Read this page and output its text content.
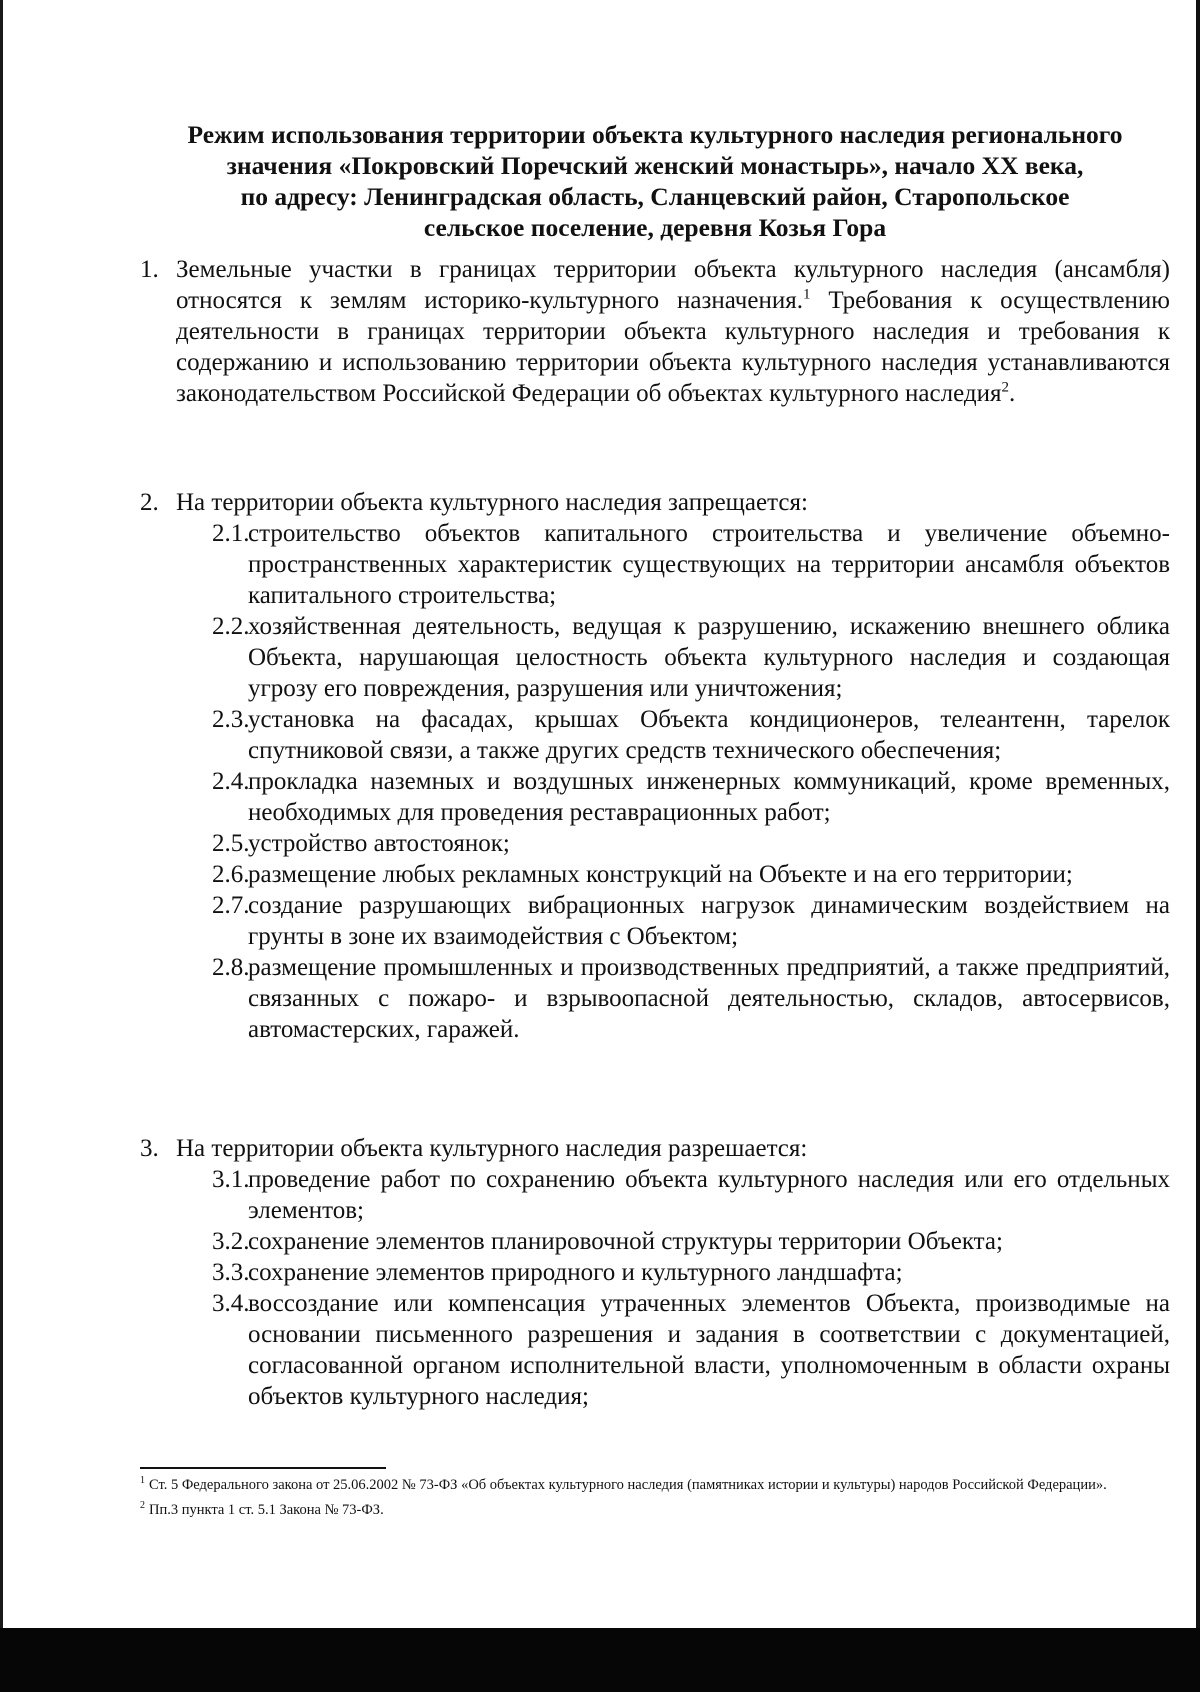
Режим использования территории объекта культурного наследия регионального
значения «Покровский Поречский женский монастырь», начало XX века,
по адресу: Ленинградская область, Сланцевский район, Старопольское
сельское поселение, деревня Козья Гора
1. Земельные участки в границах территории объекта культурного наследия (ансамбля) относятся к землям историко-культурного назначения.$^1$ Требования к осуществлению деятельности в границах территории объекта культурного наследия и требования к содержанию и использованию территории объекта культурного наследия устанавливаются законодательством Российской Федерации об объектах культурного наследия$^2$.
2. На территории объекта культурного наследия запрещается:
2.1.
строительство объектов капитального строительства и увеличение объемно-пространственных характеристик существующих на территории ансамбля объектов капитального строительства;
2.2.
хозяйственная деятельность, ведущая к разрушению, искажению внешнего облика Объекта, нарушающая целостность объекта культурного наследия и создающая угрозу его повреждения, разрушения или уничтожения;
2.3.
установка на фасадах, крышах Объекта кондиционеров, телеантенн, тарелок спутниковой связи, а также других средств технического обеспечения;
2.4.
прокладка наземных и воздушных инженерных коммуникаций, кроме временных, необходимых для проведения реставрационных работ;
2.5.
устройство автостоянок;
2.6.
размещение любых рекламных конструкций на Объекте и на его территории;
2.7.
создание разрушающих вибрационных нагрузок динамическим воздействием на грунты в зоне их взаимодействия с Объектом;
2.8.
размещение промышленных и производственных предприятий, а также предприятий, связанных с пожаро- и взрывоопасной деятельностью, складов, автосервисов, автомастерских, гаражей.
3. На территории объекта культурного наследия разрешается:
3.1.
проведение работ по сохранению объекта культурного наследия или его отдельных элементов;
3.2.
сохранение элементов планировочной структуры территории Объекта;
3.3.
сохранение элементов природного и культурного ландшафта;
3.4.
воссоздание или компенсация утраченных элементов Объекта, производимые на основании письменного разрешения и задания в соответствии с документацией, согласованной органом исполнительной власти, уполномоченным в области охраны объектов культурного наследия;

$^1$ Ст. 5 Федерального закона от 25.06.2002 № 73-ФЗ «Об объектах культурного наследия (памятниках истории и культуры) народов Российской Федерации».

$^2$ Пп.3 пункта 1 ст. 5.1 Закона № 73-ФЗ.
